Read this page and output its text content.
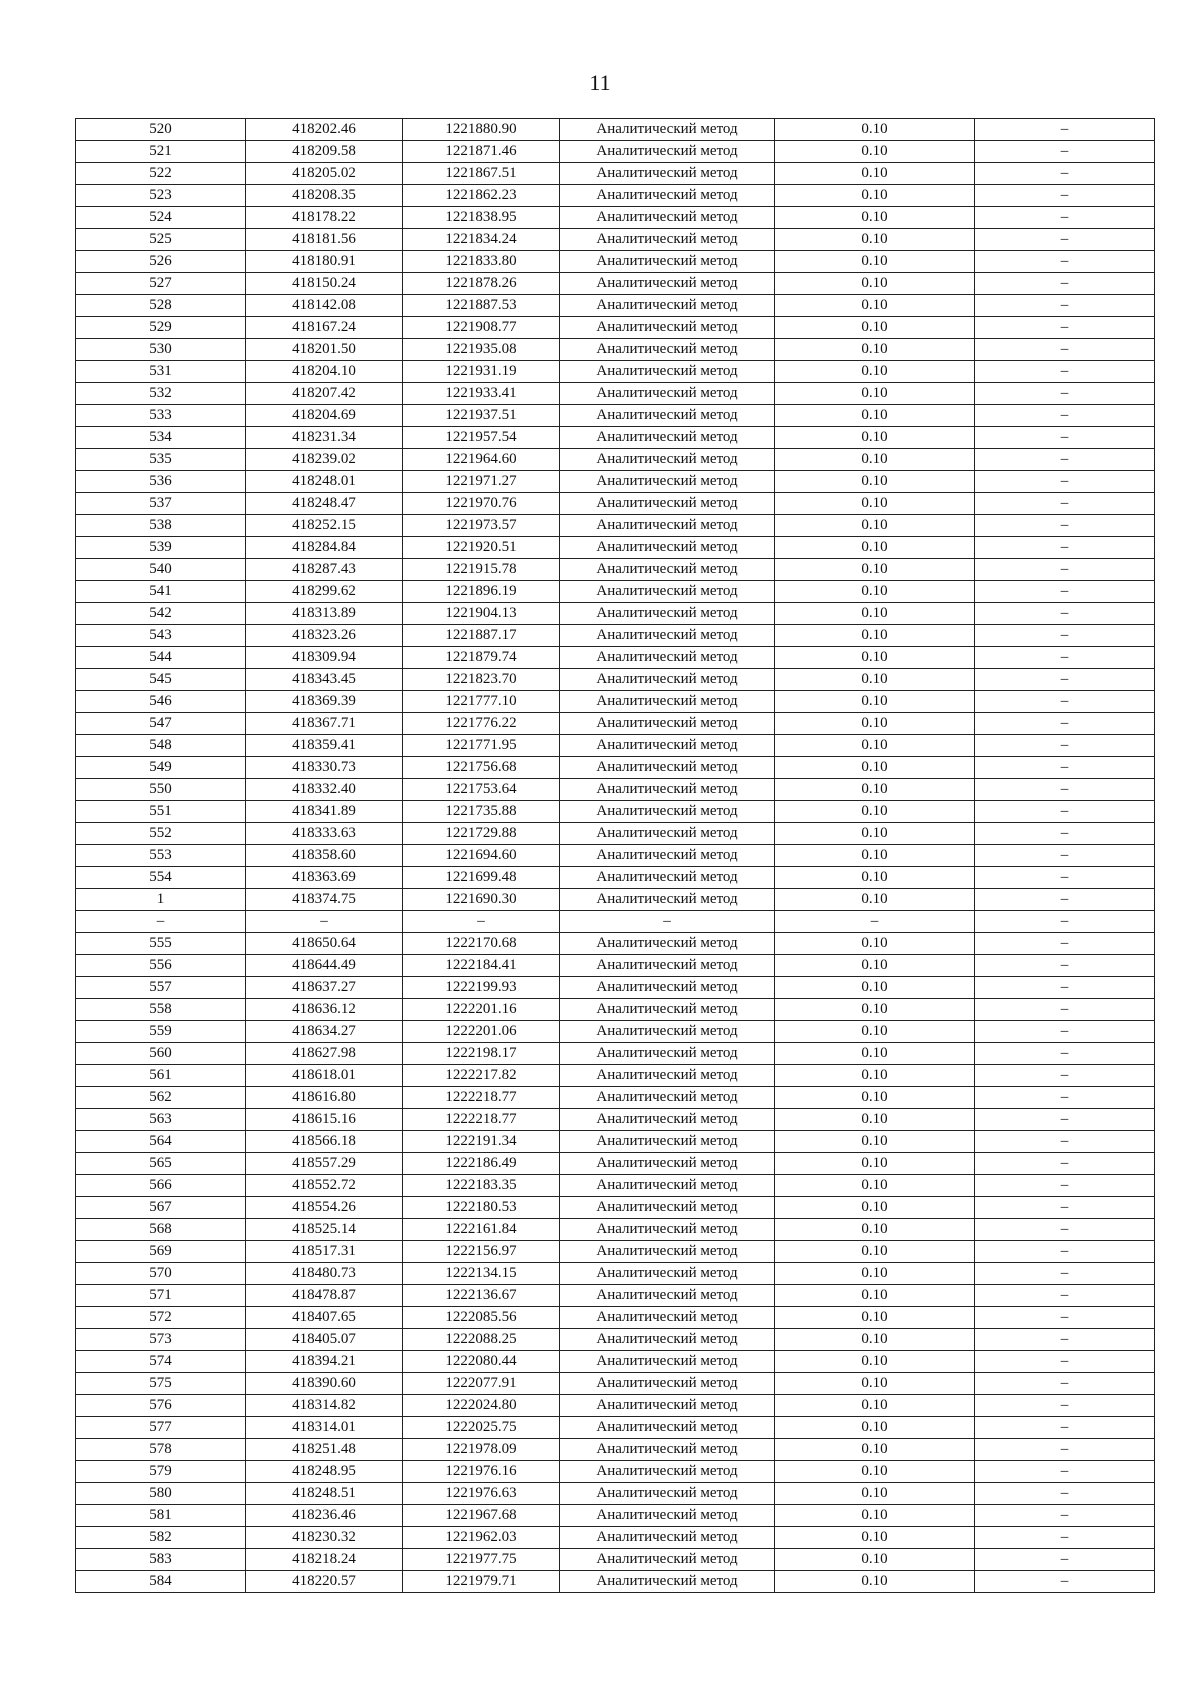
11
520	418202.46	1221880.90	Аналитический метод	0.10	–
521	418209.58	1221871.46	Аналитический метод	0.10	–
522	418205.02	1221867.51	Аналитический метод	0.10	–
523	418208.35	1221862.23	Аналитический метод	0.10	–
524	418178.22	1221838.95	Аналитический метод	0.10	–
525	418181.56	1221834.24	Аналитический метод	0.10	–
526	418180.91	1221833.80	Аналитический метод	0.10	–
527	418150.24	1221878.26	Аналитический метод	0.10	–
528	418142.08	1221887.53	Аналитический метод	0.10	–
529	418167.24	1221908.77	Аналитический метод	0.10	–
530	418201.50	1221935.08	Аналитический метод	0.10	–
531	418204.10	1221931.19	Аналитический метод	0.10	–
532	418207.42	1221933.41	Аналитический метод	0.10	–
533	418204.69	1221937.51	Аналитический метод	0.10	–
534	418231.34	1221957.54	Аналитический метод	0.10	–
535	418239.02	1221964.60	Аналитический метод	0.10	–
536	418248.01	1221971.27	Аналитический метод	0.10	–
537	418248.47	1221970.76	Аналитический метод	0.10	–
538	418252.15	1221973.57	Аналитический метод	0.10	–
539	418284.84	1221920.51	Аналитический метод	0.10	–
540	418287.43	1221915.78	Аналитический метод	0.10	–
541	418299.62	1221896.19	Аналитический метод	0.10	–
542	418313.89	1221904.13	Аналитический метод	0.10	–
543	418323.26	1221887.17	Аналитический метод	0.10	–
544	418309.94	1221879.74	Аналитический метод	0.10	–
545	418343.45	1221823.70	Аналитический метод	0.10	–
546	418369.39	1221777.10	Аналитический метод	0.10	–
547	418367.71	1221776.22	Аналитический метод	0.10	–
548	418359.41	1221771.95	Аналитический метод	0.10	–
549	418330.73	1221756.68	Аналитический метод	0.10	–
550	418332.40	1221753.64	Аналитический метод	0.10	–
551	418341.89	1221735.88	Аналитический метод	0.10	–
552	418333.63	1221729.88	Аналитический метод	0.10	–
553	418358.60	1221694.60	Аналитический метод	0.10	–
554	418363.69	1221699.48	Аналитический метод	0.10	–
1	418374.75	1221690.30	Аналитический метод	0.10	–
–	–	–	–	–	–
555	418650.64	1222170.68	Аналитический метод	0.10	–
556	418644.49	1222184.41	Аналитический метод	0.10	–
557	418637.27	1222199.93	Аналитический метод	0.10	–
558	418636.12	1222201.16	Аналитический метод	0.10	–
559	418634.27	1222201.06	Аналитический метод	0.10	–
560	418627.98	1222198.17	Аналитический метод	0.10	–
561	418618.01	1222217.82	Аналитический метод	0.10	–
562	418616.80	1222218.77	Аналитический метод	0.10	–
563	418615.16	1222218.77	Аналитический метод	0.10	–
564	418566.18	1222191.34	Аналитический метод	0.10	–
565	418557.29	1222186.49	Аналитический метод	0.10	–
566	418552.72	1222183.35	Аналитический метод	0.10	–
567	418554.26	1222180.53	Аналитический метод	0.10	–
568	418525.14	1222161.84	Аналитический метод	0.10	–
569	418517.31	1222156.97	Аналитический метод	0.10	–
570	418480.73	1222134.15	Аналитический метод	0.10	–
571	418478.87	1222136.67	Аналитический метод	0.10	–
572	418407.65	1222085.56	Аналитический метод	0.10	–
573	418405.07	1222088.25	Аналитический метод	0.10	–
574	418394.21	1222080.44	Аналитический метод	0.10	–
575	418390.60	1222077.91	Аналитический метод	0.10	–
576	418314.82	1222024.80	Аналитический метод	0.10	–
577	418314.01	1222025.75	Аналитический метод	0.10	–
578	418251.48	1221978.09	Аналитический метод	0.10	–
579	418248.95	1221976.16	Аналитический метод	0.10	–
580	418248.51	1221976.63	Аналитический метод	0.10	–
581	418236.46	1221967.68	Аналитический метод	0.10	–
582	418230.32	1221962.03	Аналитический метод	0.10	–
583	418218.24	1221977.75	Аналитический метод	0.10	–
584	418220.57	1221979.71	Аналитический метод	0.10	–
